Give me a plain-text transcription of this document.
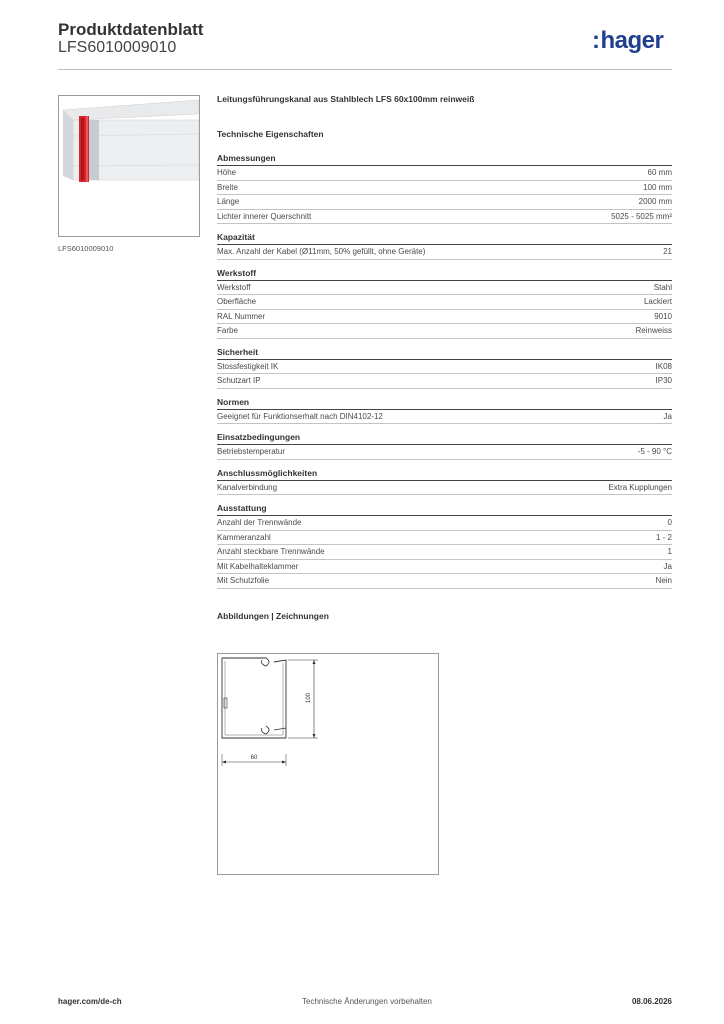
Produktdatenblatt
LFS6010009010	:hager
LFS6010009010
Leitungsführungskanal aus Stahlblech LFS 60x100mm reinweiß
Technische Eigenschaften
Abmessungen
Höhe	60 mm
Breite	100 mm
Länge	2000 mm
Lichter innerer Querschnitt	5025 - 5025 mm²
Kapazität
Max. Anzahl der Kabel (Ø11mm, 50% gefüllt, ohne Geräte)	21
Werkstoff
Werkstoff	Stahl
Oberfläche	Lackiert
RAL Nummer	9010
Farbe	Reinweiss
Sicherheit
Stossfestigkeit IK	IK08
Schutzart IP	IP30
Normen
Geeignet für Funktionserhalt nach DIN4102-12	Ja
Einsatzbedingungen
Betriebstemperatur	-5 - 90 °C
Anschlussmöglichkeiten
Kanalverbindung	Extra Kupplungen
Ausstattung
Anzahl der Trennwände	0
Kammeranzahl	1 - 2
Anzahl steckbare Trennwände	1
Mit Kabelhalteklammer	Ja
Mit Schutzfolie	Nein
Abbildungen | Zeichnungen
60
100
hager.com/de-ch	Technische Änderungen vorbehalten	08.06.2026
